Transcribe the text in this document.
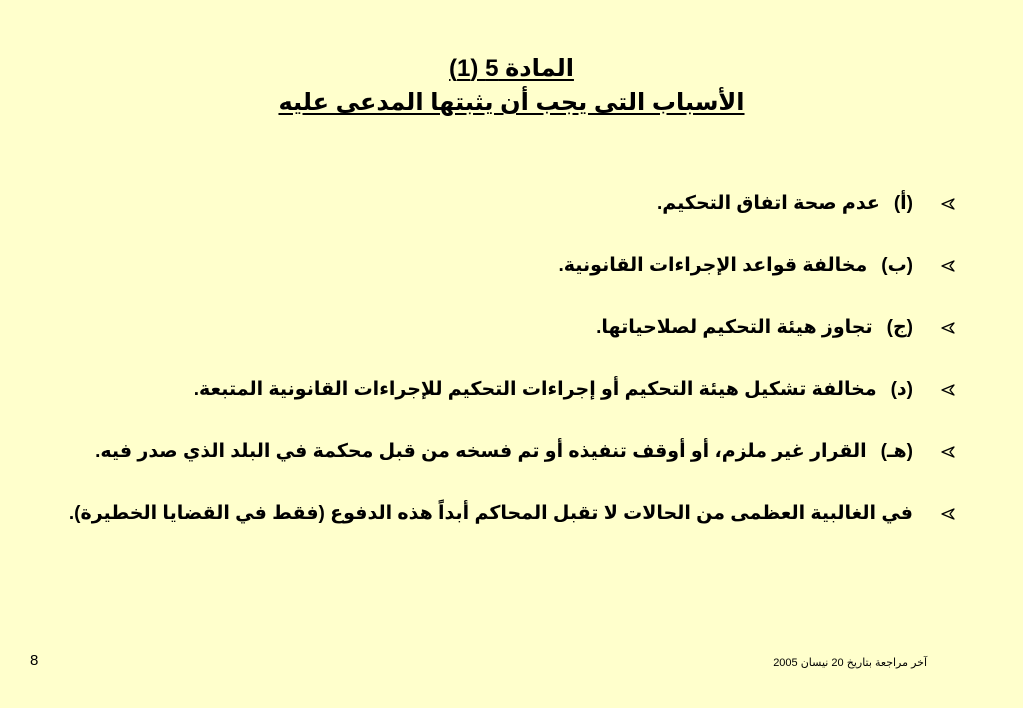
المادة 5 (1)
الأسباب التى يجب أن يثبتها المدعى عليه
(أ)
عدم صحة اتفاق التحكيم.
(ب)
مخالفة قواعد الإجراءات القانونية.
(ج)
تجاوز هيئة التحكيم لصلاحياتها.
(د)
مخالفة تشكيل هيئة التحكيم أو إجراءات التحكيم للإجراءات القانونية المتبعة.
(هـ)
القرار غير ملزم، أو أوقف تنفيذه أو تم فسخه من قبل محكمة في البلد الذي صدر فيه.
في الغالبية العظمى من الحالات لا تقبل المحاكم أبداً هذه الدفوع (فقط في القضايا الخطيرة).
8	آخر مراجعة بتاريخ 20 نيسان 2005
